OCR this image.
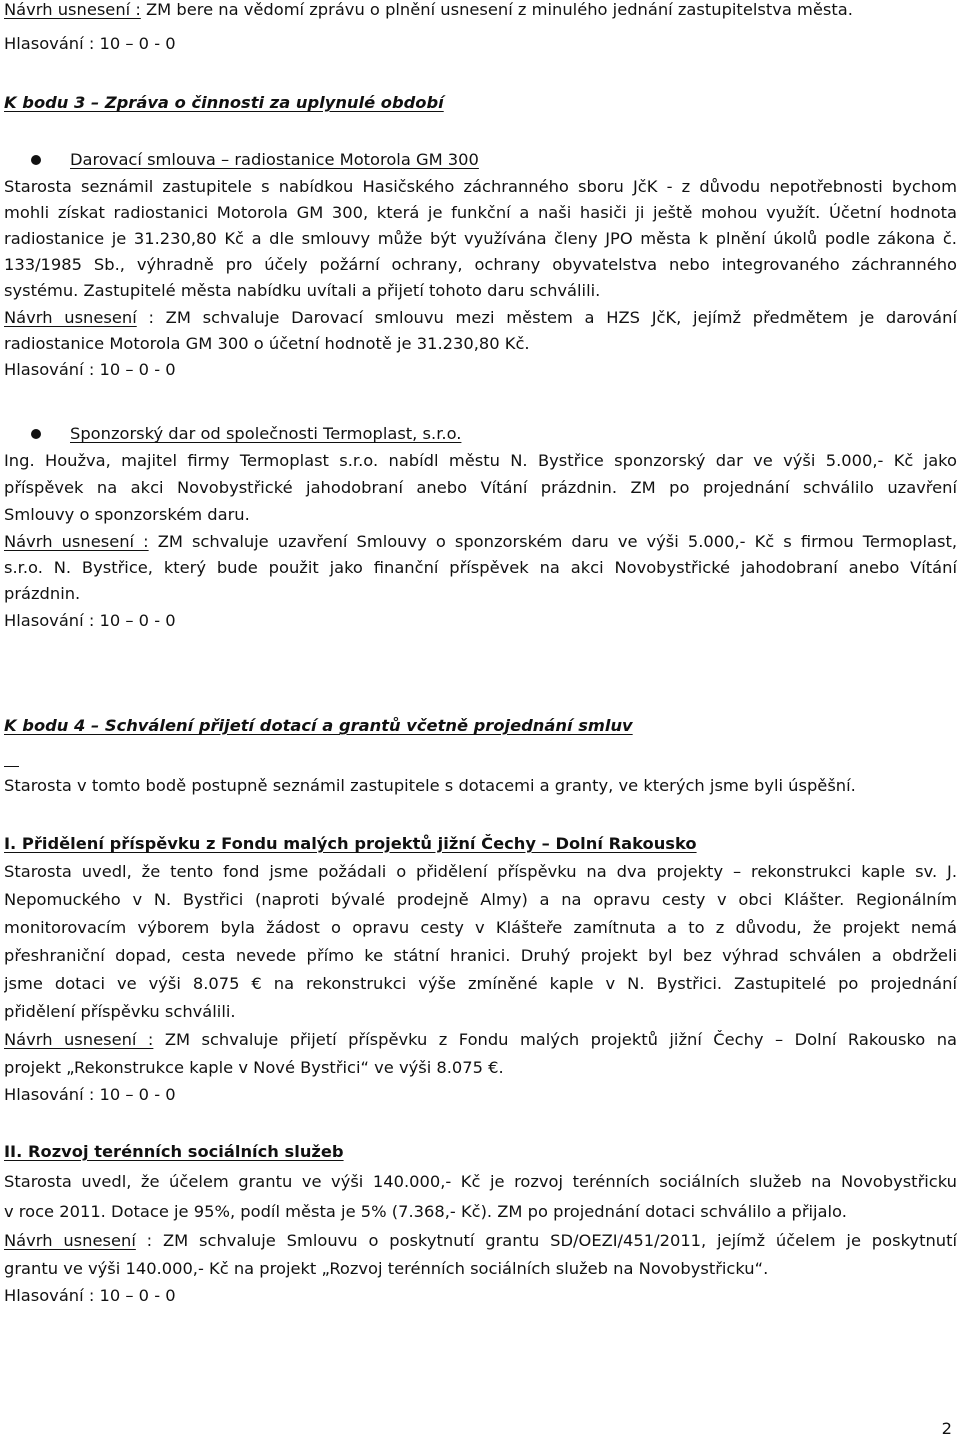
Návrh usnesení : ZM bere na vědomí zprávu o plnění usnesení z minulého jednání zastupitelstva města.
Hlasování : 10 – 0 - 0
K bodu 3 – Zpráva o činnosti za uplynulé období
Darovací smlouva – radiostanice Motorola GM 300
Starosta seznámil zastupitele s nabídkou Hasičského záchranného sboru JčK - z důvodu nepotřebnosti bychom
mohli získat radiostanici Motorola GM 300, která je funkční a naši hasiči ji ještě mohou využít. Účetní hodnota
radiostanice je 31.230,80 Kč a dle smlouvy může být využívána členy JPO města k plnění úkolů podle zákona č.
133/1985 Sb., výhradně pro účely požární ochrany, ochrany obyvatelstva nebo integrovaného záchranného
systému. Zastupitelé města nabídku uvítali a přijetí tohoto daru schválili.
Návrh usnesení : ZM schvaluje Darovací smlouvu mezi městem a HZS JčK, jejímž předmětem je darování
radiostanice Motorola GM 300 o účetní hodnotě je 31.230,80 Kč.
Hlasování : 10 – 0 - 0
Sponzorský dar od společnosti Termoplast, s.r.o.
Ing. Houžva, majitel firmy Termoplast s.r.o. nabídl městu N. Bystřice sponzorský dar ve výši 5.000,- Kč jako
příspěvek na akci Novobystřické jahodobraní anebo Vítání prázdnin. ZM po projednání schválilo uzavření
Smlouvy o sponzorském daru.
Návrh usnesení : ZM schvaluje uzavření Smlouvy o sponzorském daru ve výši 5.000,- Kč s firmou Termoplast,
s.r.o. N. Bystřice, který bude použit jako finanční příspěvek na akci Novobystřické jahodobraní anebo Vítání
prázdnin.
Hlasování : 10 – 0 - 0
K bodu 4 – Schválení přijetí dotací a grantů včetně projednání smluv
Starosta v tomto bodě postupně seznámil zastupitele s dotacemi a granty, ve kterých jsme byli úspěšní.
I. Přidělení příspěvku z Fondu malých projektů jižní Čechy – Dolní Rakousko
Starosta uvedl, že tento fond jsme požádali o přidělení příspěvku na dva projekty – rekonstrukci kaple sv. J.
Nepomuckého v N. Bystřici (naproti bývalé prodejně Almy) a na opravu cesty v obci Klášter. Regionálním
monitorovacím výborem byla žádost o opravu cesty v Klášteře zamítnuta a to z důvodu, že projekt nemá
přeshraniční dopad, cesta nevede přímo ke státní hranici. Druhý projekt byl bez výhrad schválen a obdrželi
jsme dotaci ve výši 8.075 € na rekonstrukci výše zmíněné kaple v N. Bystřici. Zastupitelé po projednání
přidělení příspěvku schválili.
Návrh usnesení : ZM schvaluje přijetí příspěvku z Fondu malých projektů jižní Čechy – Dolní Rakousko na
projekt „Rekonstrukce kaple v Nové Bystřici“ ve výši 8.075 €.
Hlasování : 10 – 0 - 0
II. Rozvoj terénních sociálních služeb
Starosta uvedl, že účelem grantu ve výši 140.000,- Kč je rozvoj terénních sociálních služeb na Novobystřicku
v roce 2011. Dotace je 95%, podíl města je 5% (7.368,- Kč). ZM po projednání dotaci schválilo a přijalo.
Návrh usnesení : ZM schvaluje Smlouvu o poskytnutí grantu SD/OEZI/451/2011, jejímž účelem je poskytnutí
grantu ve výši 140.000,- Kč na projekt „Rozvoj terénních sociálních služeb na Novobystřicku“.
Hlasování : 10 – 0 - 0
2
